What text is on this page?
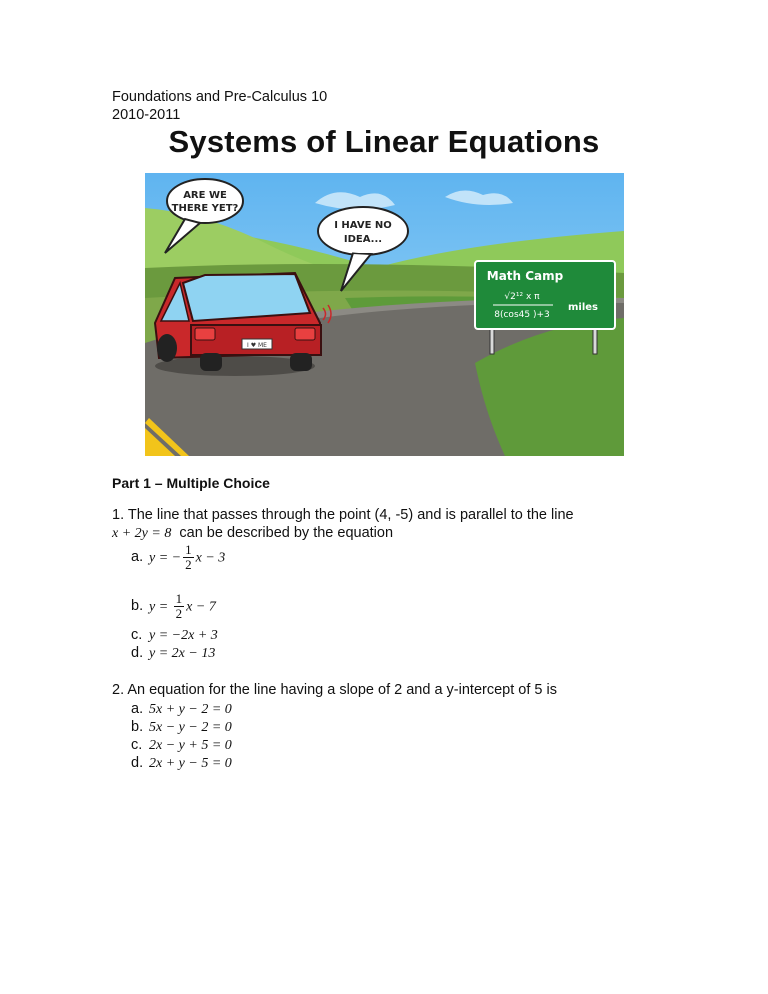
Foundations and Pre-Calculus 10
2010-2011
Systems of Linear Equations
ARE WE
THERE YET?
I HAVE NO
IDEA...
Math Camp
√2¹² x π
8(cos45 )+3
miles
I ♥ ME
Part 1 – Multiple Choice
1. The line that passes through the point (4, -5) and is parallel to the line
x + 2y = 8 can be described by the equation
a. y = − $\frac{1}{2}$ x − 3
b. $y = \frac{1}{2}$ x − 7
c. y = −2x + 3
d. y = 2x − 13
2. An equation for the line having a slope of 2 and a y-intercept of 5 is
a. 5x + y − 2 = 0
b. 5x − y − 2 = 0
c. 2x − y + 5 = 0
d. 2x + y − 5 = 0
